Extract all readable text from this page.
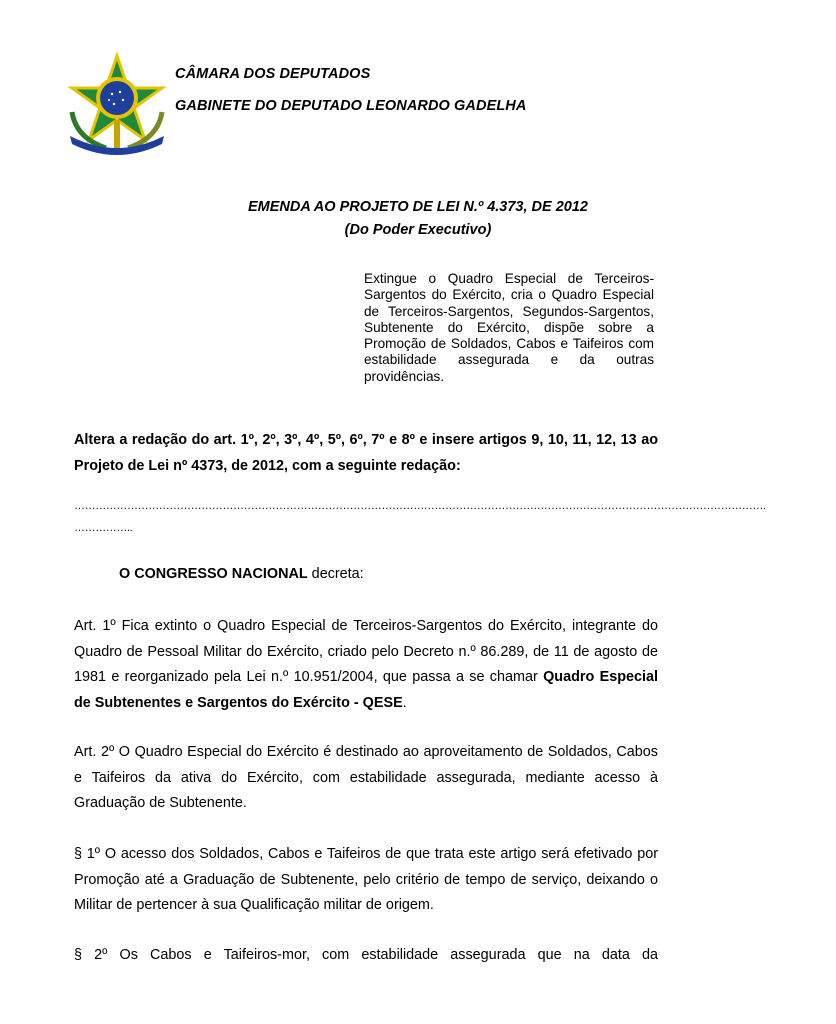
CÂMARA DOS DEPUTADOS
GABINETE DO DEPUTADO LEONARDO GADELHA
EMENDA AO PROJETO DE LEI N.º 4.373, DE 2012
(Do Poder Executivo)
Extingue o Quadro Especial de Terceiros-Sargentos do Exército, cria o Quadro Especial de Terceiros-Sargentos, Segundos-Sargentos, Subtenente do Exército, dispõe sobre a Promoção de Soldados, Cabos e Taifeiros com estabilidade assegurada e da outras providências.
Altera a redação do art. 1º, 2º, 3º, 4º, 5º, 6º, 7º e 8º e insere artigos 9, 10, 11, 12, 13 ao Projeto de Lei nº 4373, de 2012, com a seguinte redação:
…………………………………………………………………………………………………………………………………………………………………………….
……………..
O CONGRESSO NACIONAL decreta:
Art. 1º Fica extinto o Quadro Especial de Terceiros-Sargentos do Exército, integrante do Quadro de Pessoal Militar do Exército, criado pelo Decreto n.º 86.289, de 11 de agosto de 1981 e reorganizado pela Lei n.º 10.951/2004, que passa a se chamar Quadro Especial de Subtenentes e Sargentos do Exército - QESE.
Art. 2º O Quadro Especial do Exército é destinado ao aproveitamento de Soldados, Cabos e Taifeiros da ativa do Exército, com estabilidade assegurada, mediante acesso à Graduação de Subtenente.
§ 1º O acesso dos Soldados, Cabos e Taifeiros de que trata este artigo será efetivado por Promoção até a Graduação de Subtenente, pelo critério de tempo de serviço, deixando o Militar de pertencer à sua Qualificação militar de origem.
§ 2º Os Cabos e Taifeiros-mor, com estabilidade assegurada que na data da
